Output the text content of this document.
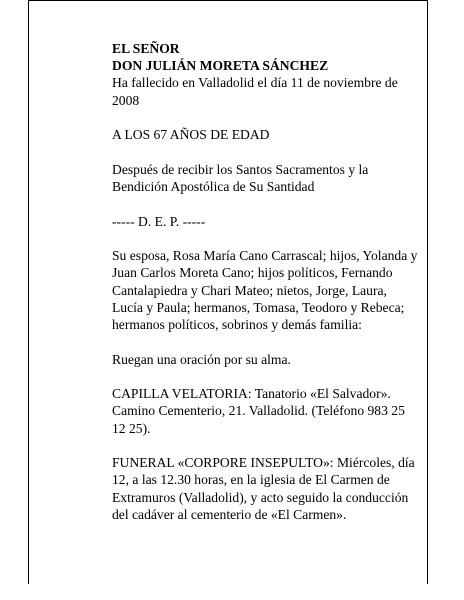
EL SEÑOR

DON JULIÁN MORETA SÁNCHEZ

Ha fallecido en Valladolid el día 11 de noviembre de 2008

A LOS 67 AÑOS DE EDAD

Después de recibir los Santos Sacramentos y la Bendición Apostólica de Su Santidad

----- D. E. P. -----

Su esposa, Rosa María Cano Carrascal; hijos, Yolanda y Juan Carlos Moreta Cano; hijos políticos, Fernando Cantalapiedra y Chari Mateo; nietos, Jorge, Laura, Lucía y Paula; hermanos, Tomasa, Teodoro y Rebeca; hermanos políticos, sobrinos y demás familia:

Ruegan una oración por su alma.

CAPILLA VELATORIA: Tanatorio «El Salvador». Camino Cementerio, 21. Valladolid. (Teléfono 983 25 12 25).

FUNERAL «CORPORE INSEPULTO»: Miércoles, día 12, a las 12.30 horas, en la iglesia de El Carmen de Extramuros (Valladolid), y acto seguido la conducción del cadáver al cementerio de «El Carmen».
